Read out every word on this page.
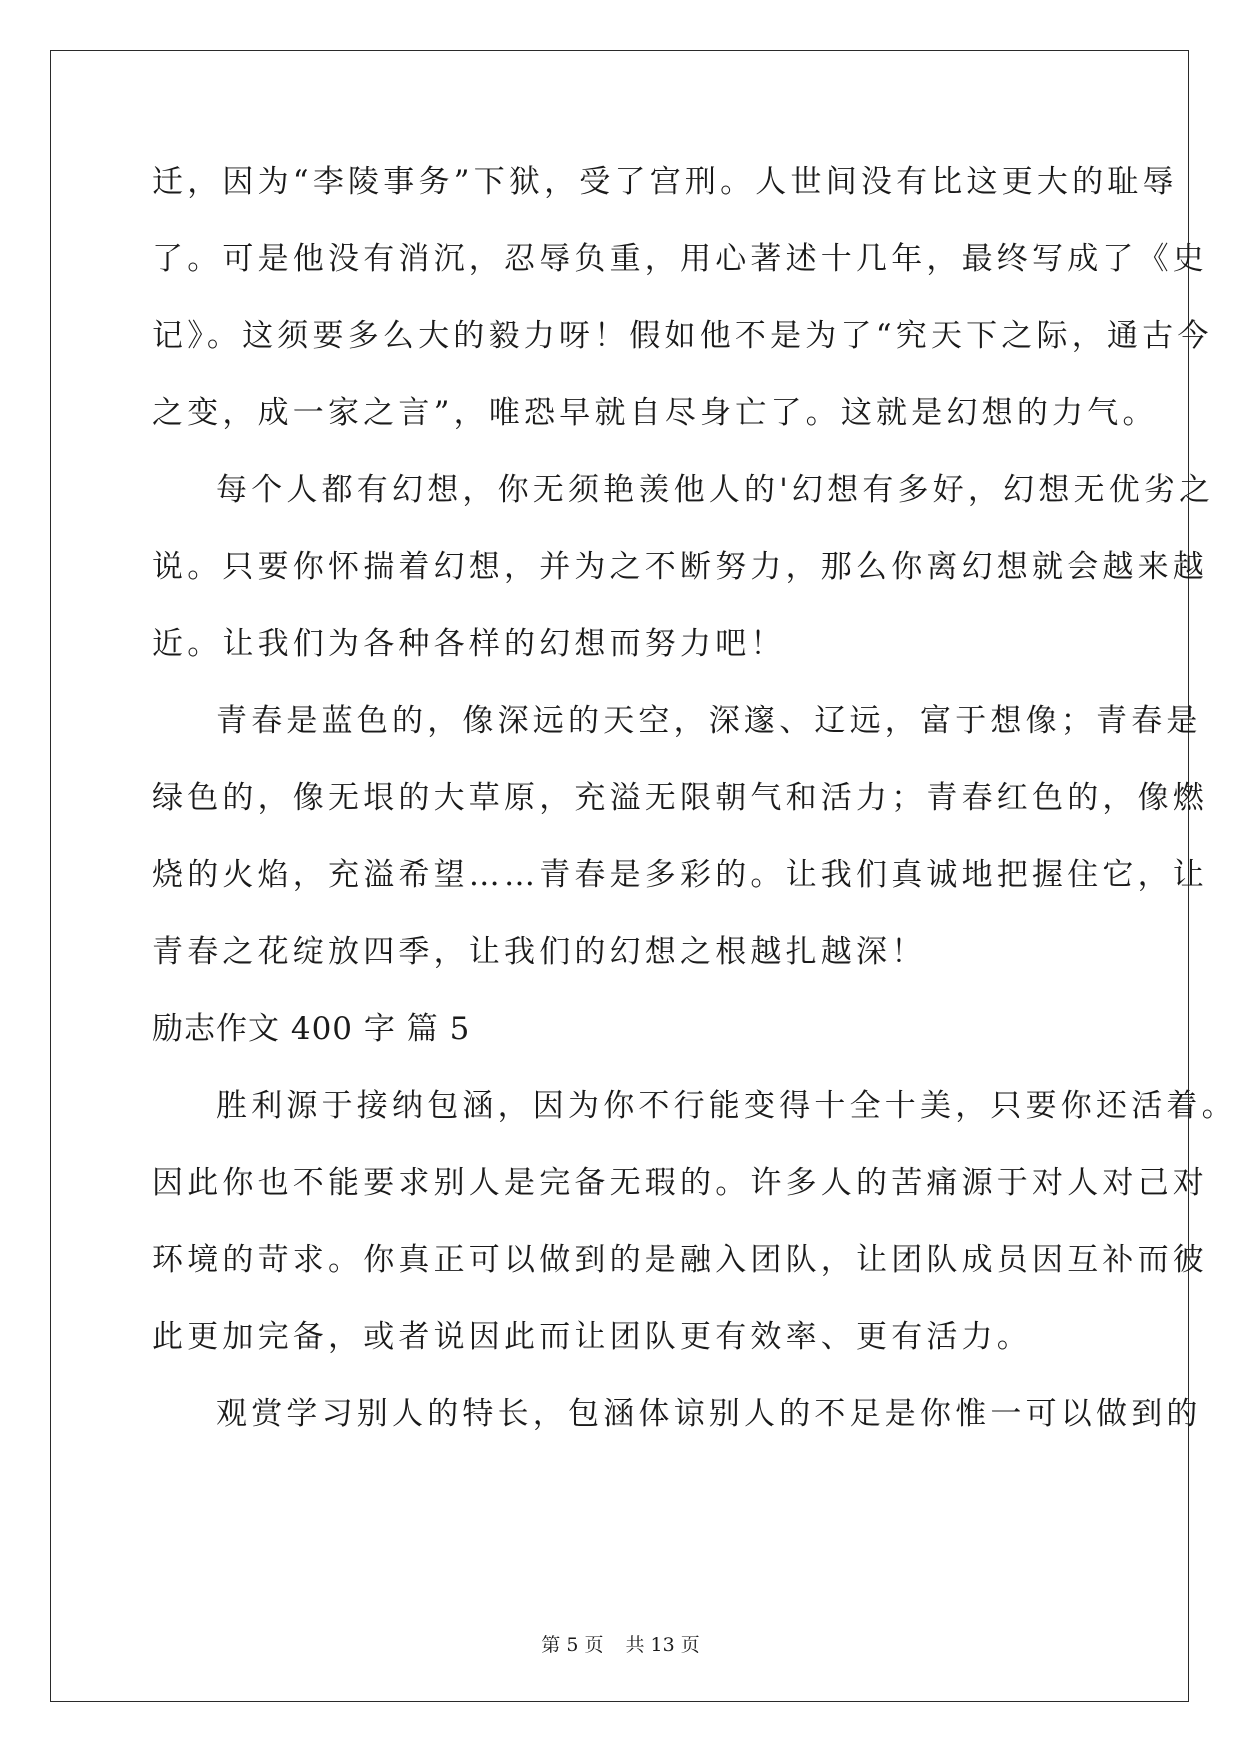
迁，因为“李陵事务”下狱，受了宫刑。人世间没有比这更大的耻辱
了。可是他没有消沉，忍辱负重，用心著述十几年，最终写成了《史
记》。这须要多么大的毅力呀！假如他不是为了“究天下之际，通古今
之变，成一家之言”，唯恐早就自尽身亡了。这就是幻想的力气。
每个人都有幻想，你无须艳羡他人的'幻想有多好，幻想无优劣之
说。只要你怀揣着幻想，并为之不断努力，那么你离幻想就会越来越
近。让我们为各种各样的幻想而努力吧！
青春是蓝色的，像深远的天空，深邃、辽远，富于想像；青春是
绿色的，像无垠的大草原，充溢无限朝气和活力；青春红色的，像燃
烧的火焰，充溢希望……青春是多彩的。让我们真诚地把握住它，让
青春之花绽放四季，让我们的幻想之根越扎越深！
励志作文 400 字 篇 5
胜利源于接纳包涵，因为你不行能变得十全十美，只要你还活着。
因此你也不能要求别人是完备无瑕的。许多人的苦痛源于对人对己对
环境的苛求。你真正可以做到的是融入团队，让团队成员因互补而彼
此更加完备，或者说因此而让团队更有效率、更有活力。
观赏学习别人的特长，包涵体谅别人的不足是你惟一可以做到的
第 5 页 共 13 页
